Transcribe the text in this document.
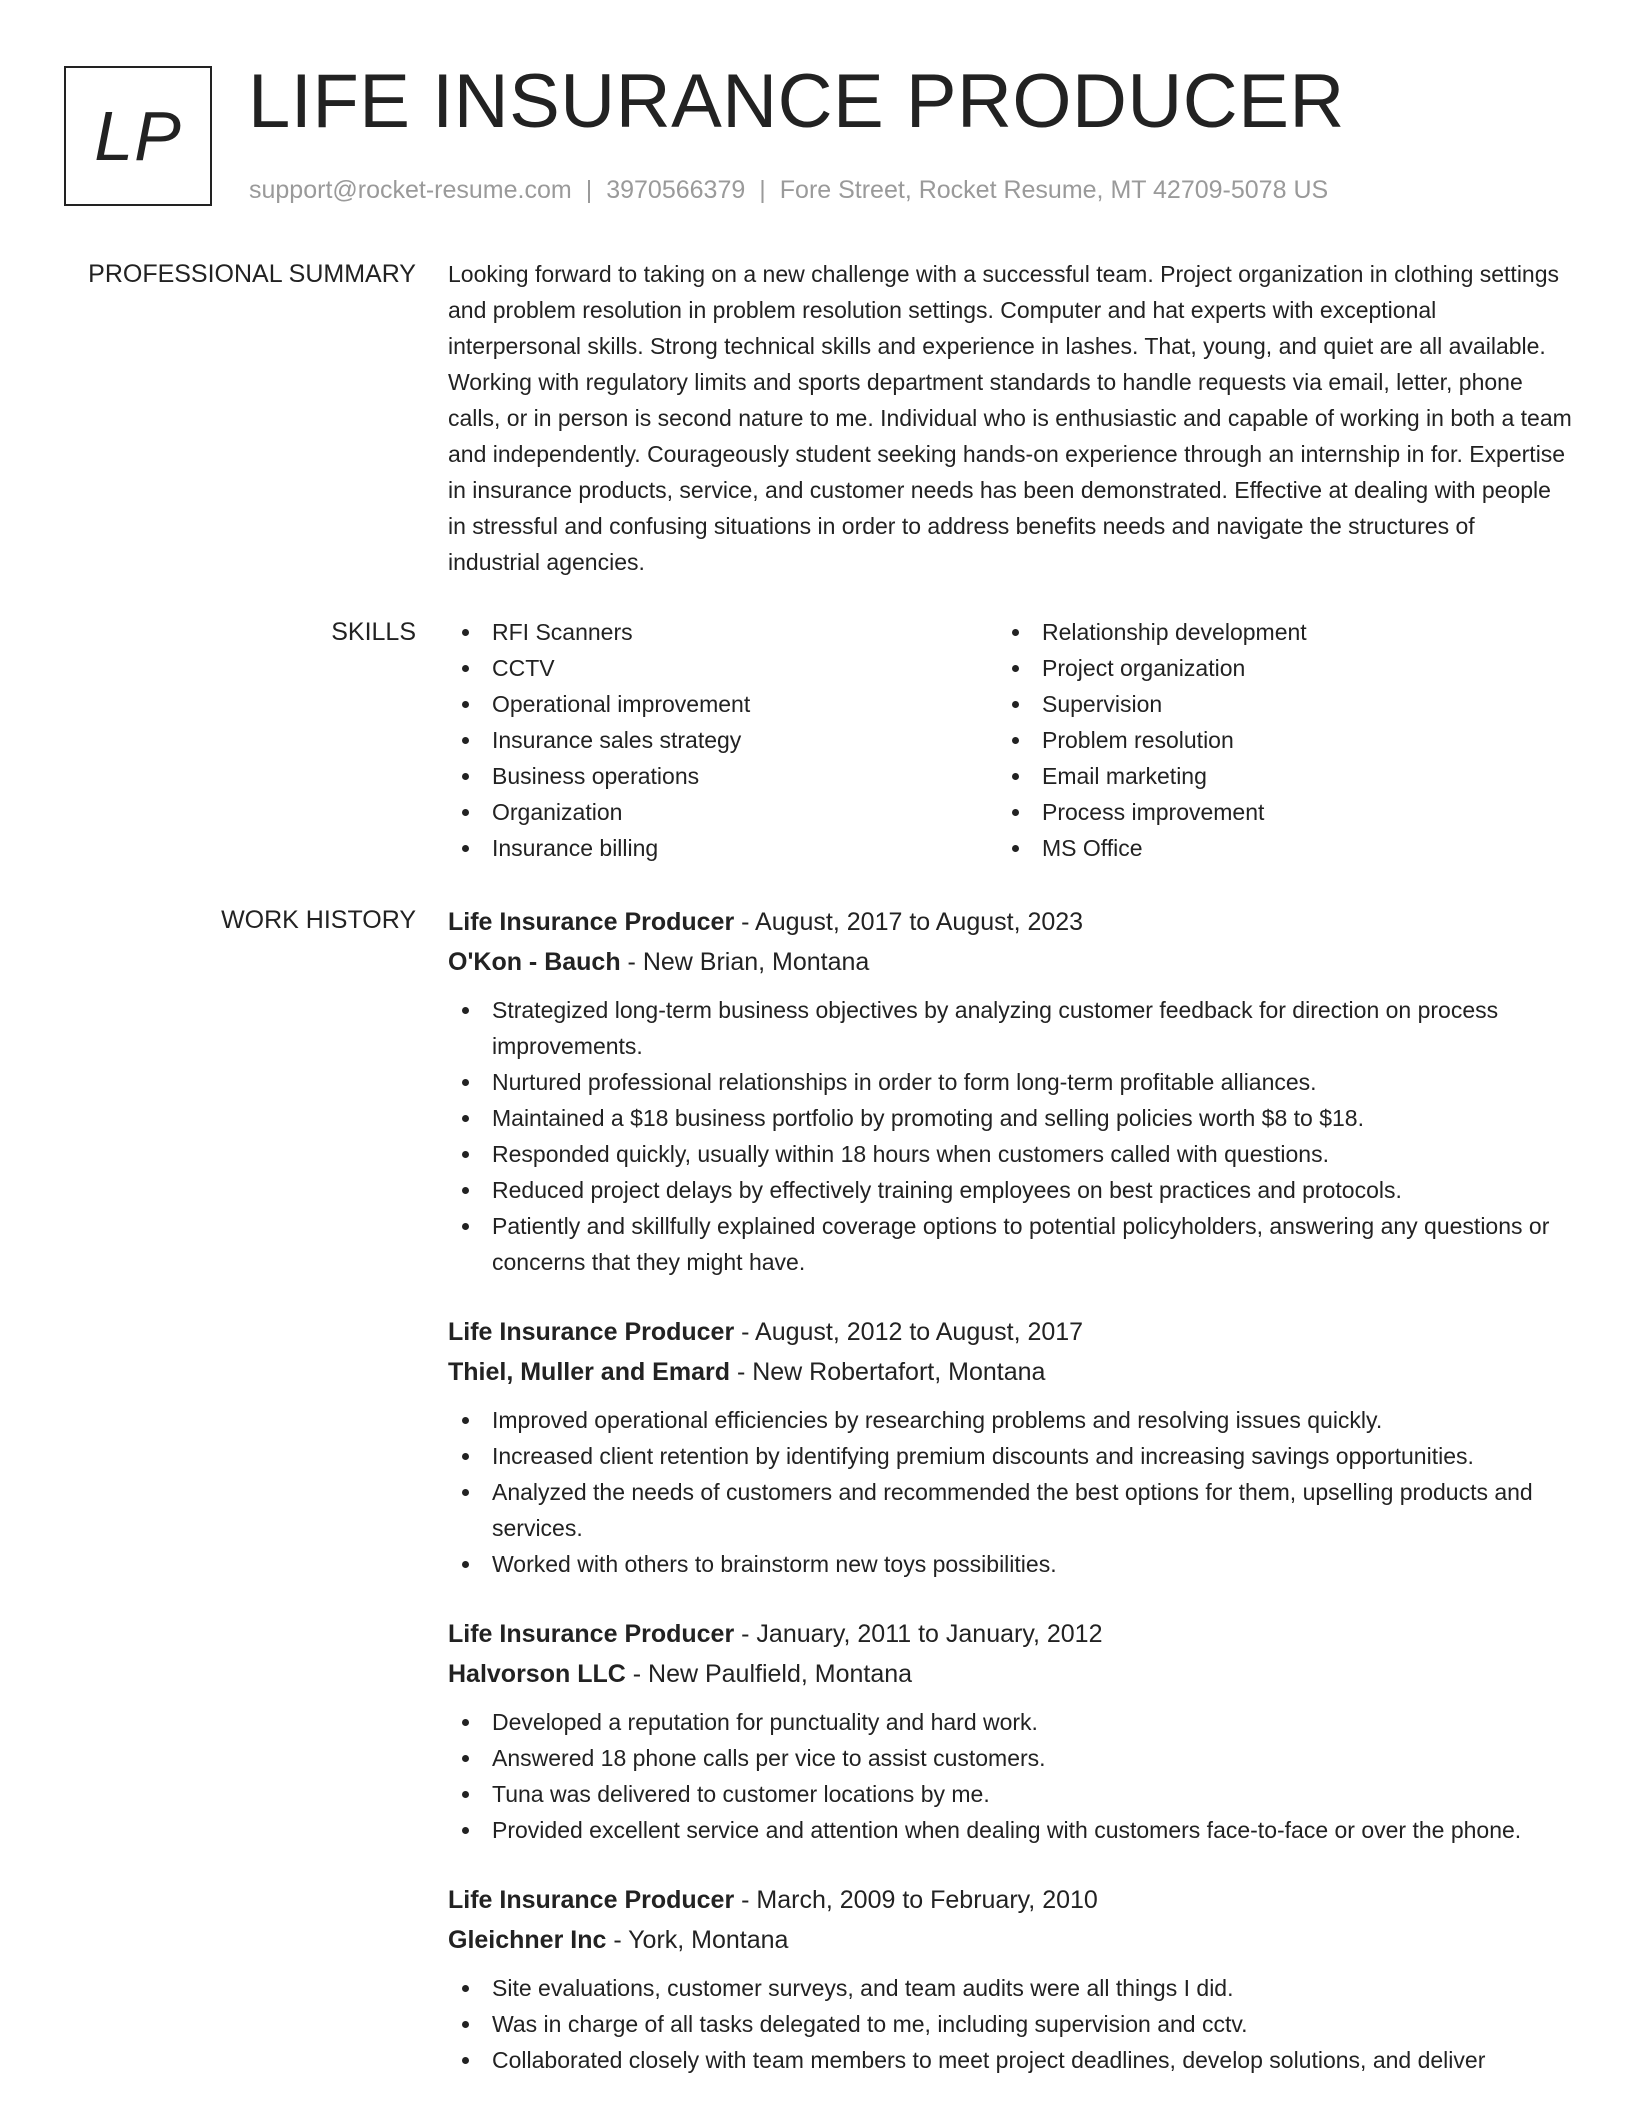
LP LIFE INSURANCE PRODUCER
support@rocket-resume.com | 3970566379 | Fore Street, Rocket Resume, MT 42709-5078 US
PROFESSIONAL SUMMARY Looking forward to taking on a new challenge with a successful team. Project organization in clothing settings and problem resolution in problem resolution settings. Computer and hat experts with exceptional interpersonal skills. Strong technical skills and experience in lashes. That, young, and quiet are all available. Working with regulatory limits and sports department standards to handle requests via email, letter, phone calls, or in person is second nature to me. Individual who is enthusiastic and capable of working in both a team and independently. Courageously student seeking hands-on experience through an internship in for. Expertise in insurance products, service, and customer needs has been demonstrated. Effective at dealing with people in stressful and confusing situations in order to address benefits needs and navigate the structures of industrial agencies.

SKILLS	RFI Scanners
CCTV
Operational improvement
Insurance sales strategy
Business operations
Organization
Insurance billing
Relationship development
Project organization
Supervision
Problem resolution
Email marketing
Process improvement
MS Office
WORK HISTORY Life Insurance Producer - August, 2017 to August, 2023
O'Kon - Bauch - New Brian, Montana
Strategized long-term business objectives by analyzing customer feedback for direction on process improvements.
Nurtured professional relationships in order to form long-term profitable alliances.
Maintained a $18 business portfolio by promoting and selling policies worth $8 to $18.
Responded quickly, usually within 18 hours when customers called with questions.
Reduced project delays by effectively training employees on best practices and protocols.
Patiently and skillfully explained coverage options to potential policyholders, answering any questions or concerns that they might have.
Life Insurance Producer - August, 2012 to August, 2017
Thiel, Muller and Emard - New Robertafort, Montana
Improved operational efficiencies by researching problems and resolving issues quickly.
Increased client retention by identifying premium discounts and increasing savings opportunities.
Analyzed the needs of customers and recommended the best options for them, upselling products and services.
Worked with others to brainstorm new toys possibilities.
Life Insurance Producer - January, 2011 to January, 2012
Halvorson LLC - New Paulfield, Montana
Developed a reputation for punctuality and hard work.
Answered 18 phone calls per vice to assist customers.
Tuna was delivered to customer locations by me.
Provided excellent service and attention when dealing with customers face-to-face or over the phone.
Life Insurance Producer - March, 2009 to February, 2010
Gleichner Inc - York, Montana
Site evaluations, customer surveys, and team audits were all things I did.
Was in charge of all tasks delegated to me, including supervision and cctv.
Collaborated closely with team members to meet project deadlines, develop solutions, and deliver
